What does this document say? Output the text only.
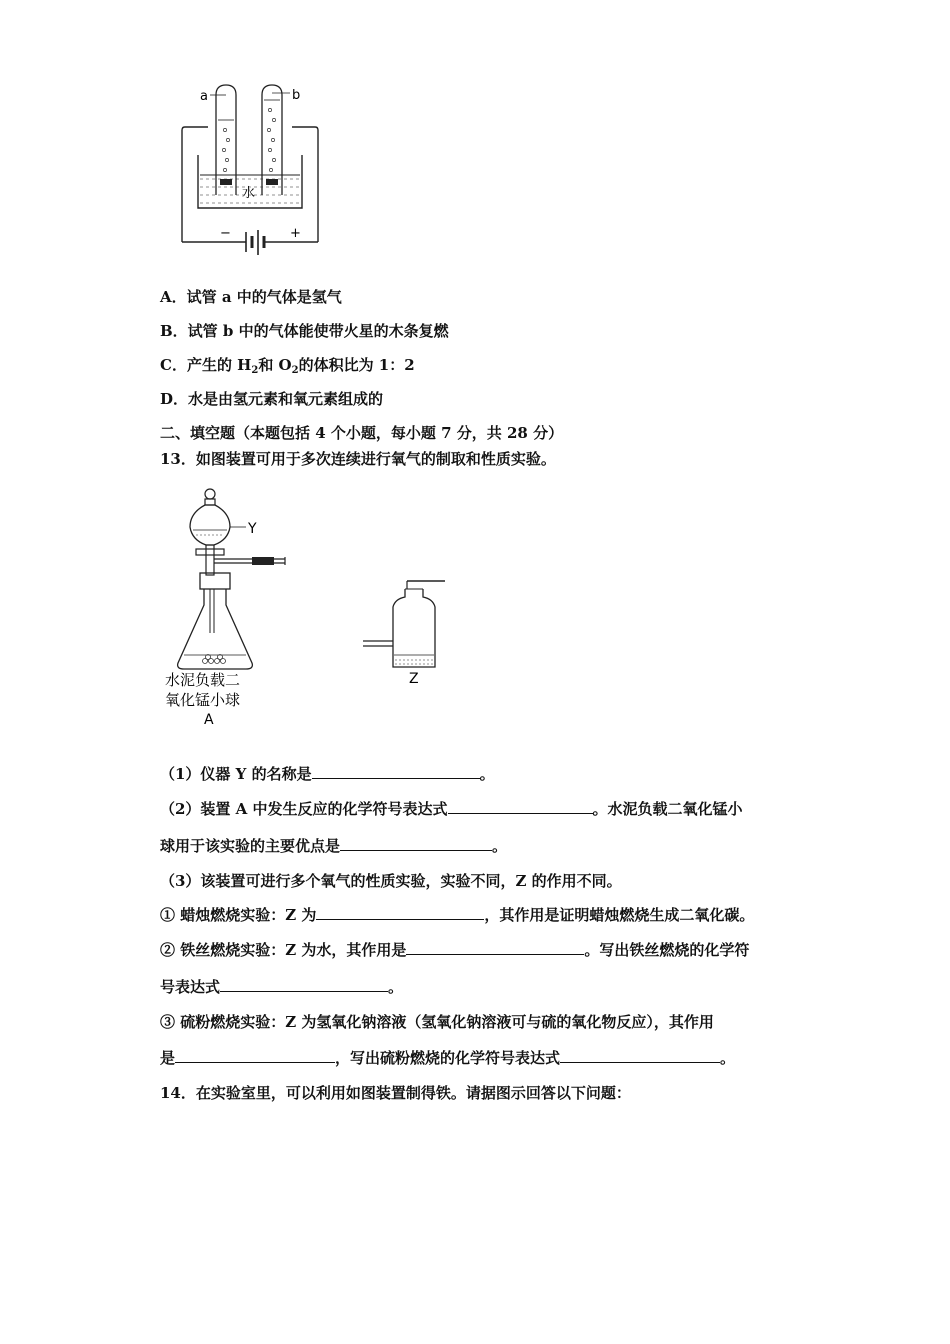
a	b
水
−	+
A．试管 a 中的气体是氢气
B．试管 b 中的气体能使带火星的木条复燃
C．产生的 $H_2$和 $O_2$的体积比为 1：2
D．水是由氢元素和氧元素组成的
二、填空题（本题包括 4 个小题，每小题 7 分，共 28 分）
13．如图装置可用于多次连续进行氧气的制取和性质实验。
Y
水泥负载二
氧化锰小球
A
Z
（1）仪器 Y 的名称是	。
（2）装置 A 中发生反应的化学符号表达式	。水泥负载二氧化锰小
球用于该实验的主要优点是	。
（3）该装置可进行多个氧气的性质实验，实验不同，Z 的作用不同。
① 蜡烛燃烧实验：Z 为	，其作用是证明蜡烛燃烧生成二氧化碳。
② 铁丝燃烧实验：Z 为水，其作用是	。写出铁丝燃烧的化学符
号表达式	。
③ 硫粉燃烧实验：Z 为氢氧化钠溶液（氢氧化钠溶液可与硫的氧化物反应），其作用
是	，写出硫粉燃烧的化学符号表达式	。
14．在实验室里，可以利用如图装置制得铁。请据图示回答以下问题：
